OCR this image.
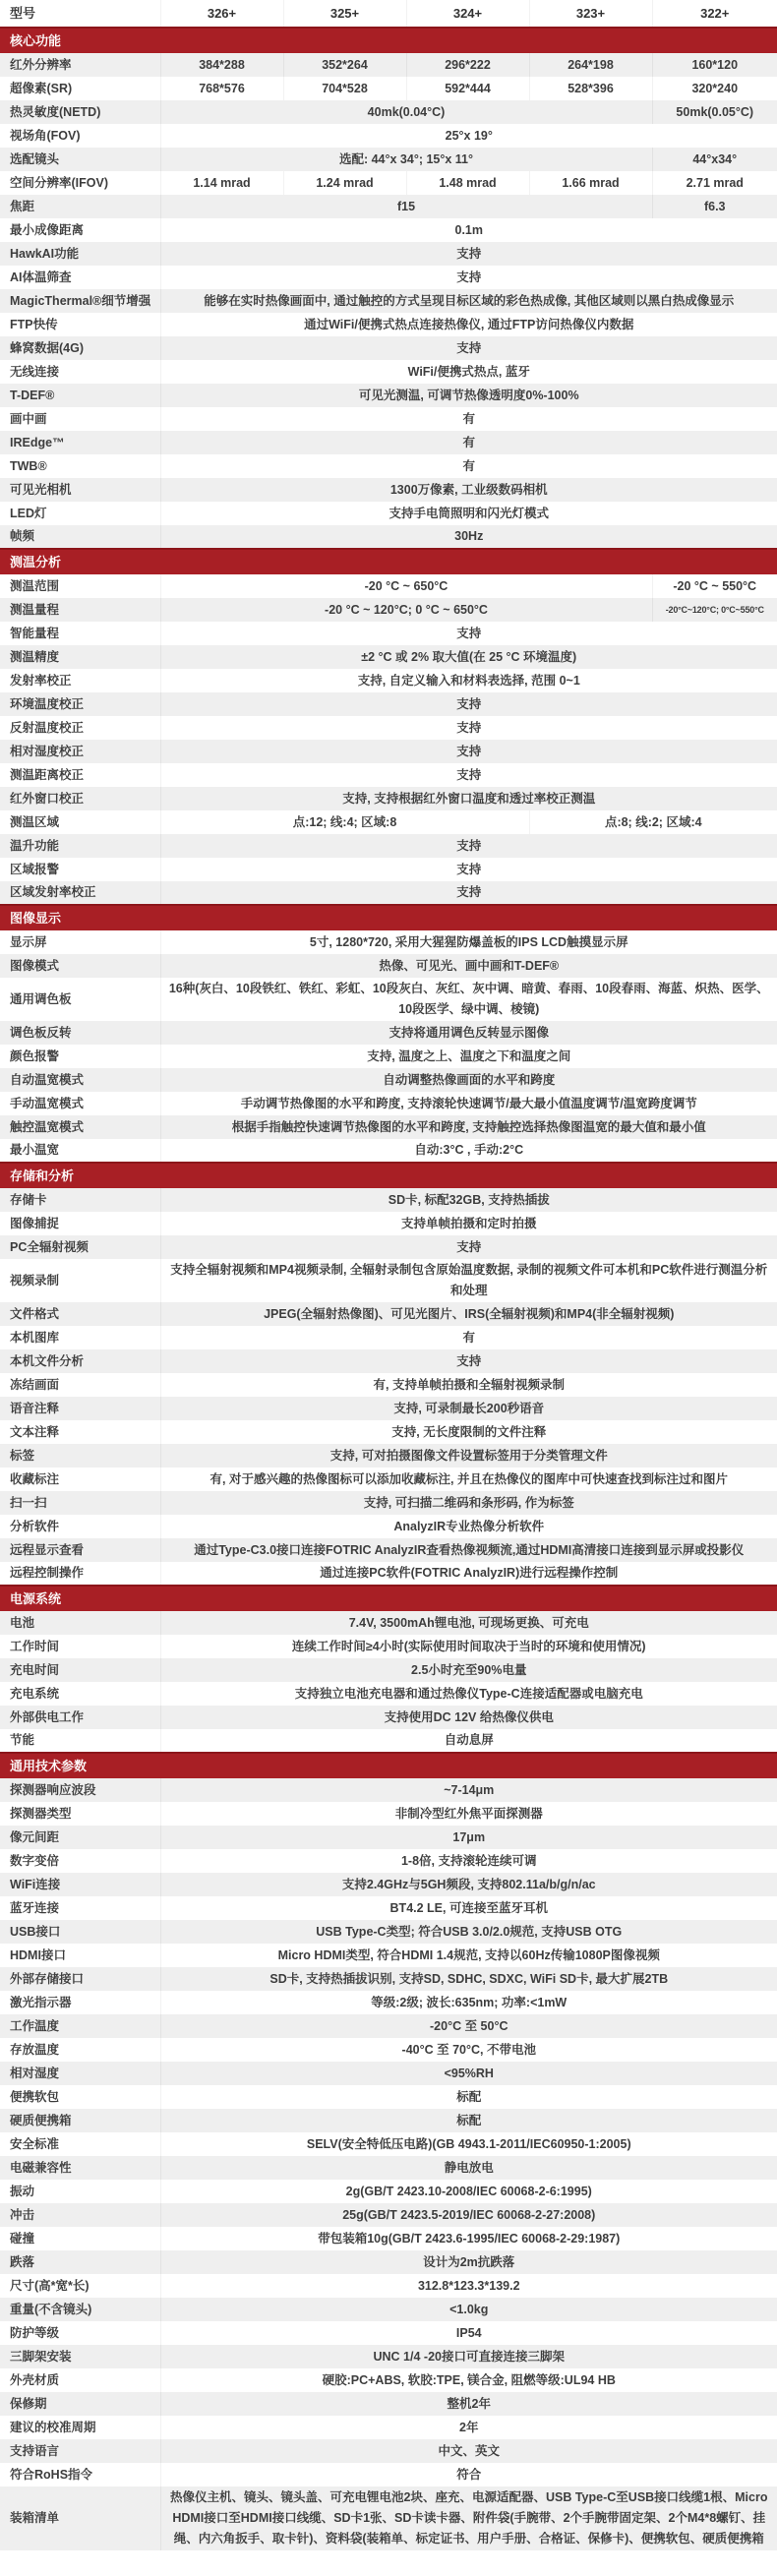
型号	326+	325+	324+	323+	322+
核心功能					
红外分辨率	384*288	352*264	296*222	264*198	160*120
超像素(SR)	768*576	704*528	592*444	528*396	320*240
热灵敏度(NETD)	40mk(0.04°C)				50mk(0.05°C)
视场角(FOV)	25°x 19°				
选配镜头	选配: 44°x 34°; 15°x 11°				44°x34°
空间分辨率(IFOV)	1.14 mrad	1.24 mrad	1.48 mrad	1.66 mrad	2.71 mrad
焦距	f15				f6.3
最小成像距离	0.1m				
HawkAI功能	支持				
AI体温筛查	支持				
MagicThermal®细节增强	能够在实时热像画面中, 通过触控的方式呈现目标区域的彩色热成像, 其他区域则以黑白热成像显示				
FTP快传	通过WiFi/便携式热点连接热像仪, 通过FTP访问热像仪内数据				
蜂窝数据(4G)	支持				
无线连接	WiFi/便携式热点, 蓝牙				
T-DEF®	可见光测温, 可调节热像透明度0%-100%				
画中画	有				
IREdge™	有				
TWB®	有				
可见光相机	1300万像素, 工业级数码相机				
LED灯	支持手电筒照明和闪光灯模式				
帧频	30Hz				
测温分析					
测温范围	-20 °C ~ 650°C				-20 °C ~ 550°C
测温量程	-20 °C ~ 120°C; 0 °C ~ 650°C				-20°C~120°C; 0°C~550°C
智能量程	支持				
测温精度	±2 °C 或 2% 取大值(在 25 °C 环境温度)				
发射率校正	支持, 自定义输入和材料表选择, 范围 0~1				
环境温度校正	支持				
反射温度校正	支持				
相对湿度校正	支持				
测温距离校正	支持				
红外窗口校正	支持, 支持根据红外窗口温度和透过率校正测温				
测温区域	点:12; 线:4; 区域:8			点:8; 线:2; 区域:4	
温升功能	支持				
区域报警	支持				
区域发射率校正	支持				
图像显示					
显示屏	5寸, 1280*720, 采用大猩猩防爆盖板的IPS LCD触摸显示屏				
图像模式	热像、可见光、画中画和T-DEF®				
通用调色板	16种(灰白、10段铁红、铁红、彩虹、10段灰白、灰红、灰中调、暗黄、春雨、10段春雨、海蓝、炽热、医学、10段医学、绿中调、棱镜)				
调色板反转	支持将通用调色反转显示图像				
颜色报警	支持, 温度之上、温度之下和温度之间				
自动温宽模式	自动调整热像画面的水平和跨度				
手动温宽模式	手动调节热像图的水平和跨度, 支持滚轮快速调节/最大最小值温度调节/温宽跨度调节				
触控温宽模式	根据手指触控快速调节热像图的水平和跨度, 支持触控选择热像图温宽的最大值和最小值				
最小温宽	自动:3°C , 手动:2°C				
存储和分析					
存储卡	SD卡, 标配32GB, 支持热插拔				
图像捕捉	支持单帧拍摄和定时拍摄				
PC全辐射视频	支持				
视频录制	支持全辐射视频和MP4视频录制, 全辐射录制包含原始温度数据, 录制的视频文件可本机和PC软件进行测温分析和处理				
文件格式	JPEG(全辐射热像图)、可见光图片、IRS(全辐射视频)和MP4(非全辐射视频)				
本机图库	有				
本机文件分析	支持				
冻结画面	有, 支持单帧拍摄和全辐射视频录制				
语音注释	支持, 可录制最长200秒语音				
文本注释	支持, 无长度限制的文件注释				
标签	支持, 可对拍摄图像文件设置标签用于分类管理文件				
收藏标注	有, 对于感兴趣的热像图标可以添加收藏标注, 并且在热像仪的图库中可快速查找到标注过和图片				
扫一扫	支持, 可扫描二维码和条形码, 作为标签				
分析软件	AnalyzIR专业热像分析软件				
远程显示查看	通过Type-C3.0接口连接FOTRIC AnalyzIR查看热像视频流,通过HDMI高清接口连接到显示屏或投影仪				
远程控制操作	通过连接PC软件(FOTRIC AnalyzIR)进行远程操作控制				
电源系统					
电池	7.4V, 3500mAh锂电池, 可现场更换、可充电				
工作时间	连续工作时间≥4小时(实际使用时间取决于当时的环境和使用情况)				
充电时间	2.5小时充至90%电量				
充电系统	支持独立电池充电器和通过热像仪Type-C连接适配器或电脑充电				
外部供电工作	支持使用DC 12V 给热像仪供电				
节能	自动息屏				
通用技术参数					
探测器响应波段	~7-14μm				
探测器类型	非制冷型红外焦平面探测器				
像元间距	17μm				
数字变倍	1-8倍, 支持滚轮连续可调				
WiFi连接	支持2.4GHz与5GH频段, 支持802.11a/b/g/n/ac				
蓝牙连接	BT4.2 LE, 可连接至蓝牙耳机				
USB接口	USB Type-C类型; 符合USB 3.0/2.0规范, 支持USB OTG				
HDMI接口	Micro HDMI类型, 符合HDMI 1.4规范, 支持以60Hz传输1080P图像视频				
外部存储接口	SD卡, 支持热插拔识别, 支持SD, SDHC, SDXC, WiFi SD卡, 最大扩展2TB				
激光指示器	等级:2级; 波长:635nm; 功率:<1mW				
工作温度	-20°C 至 50°C				
存放温度	-40°C 至 70°C, 不带电池				
相对湿度	<95%RH				
便携软包	标配				
硬质便携箱	标配				
安全标准	SELV(安全特低压电路)(GB 4943.1-2011/IEC60950-1:2005)				
电磁兼容性	静电放电				
振动	2g(GB/T 2423.10-2008/IEC 60068-2-6:1995)				
冲击	25g(GB/T 2423.5-2019/IEC 60068-2-27:2008)				
碰撞	带包装箱10g(GB/T 2423.6-1995/IEC 60068-2-29:1987)				
跌落	设计为2m抗跌落				
尺寸(高*宽*长)	312.8*123.3*139.2				
重量(不含镜头)	<1.0kg				
防护等级	IP54				
三脚架安装	UNC 1/4 -20接口可直接连接三脚架				
外壳材质	硬胶:PC+ABS, 软胶:TPE, 镁合金, 阻燃等级:UL94 HB				
保修期	整机2年				
建议的校准周期	2年				
支持语言	中文、英文				
符合RoHS指令	符合				
装箱清单	热像仪主机、镜头、镜头盖、可充电锂电池2块、座充、电源适配器、USB Type-C至USB接口线缆1根、Micro HDMI接口至HDMI接口线缆、SD卡1张、SD卡读卡器、附件袋(手腕带、2个手腕带固定架、2个M4*8螺钉、挂绳、内六角扳手、取卡针)、资料袋(装箱单、标定证书、用户手册、合格证、保修卡)、便携软包、硬质便携箱				
